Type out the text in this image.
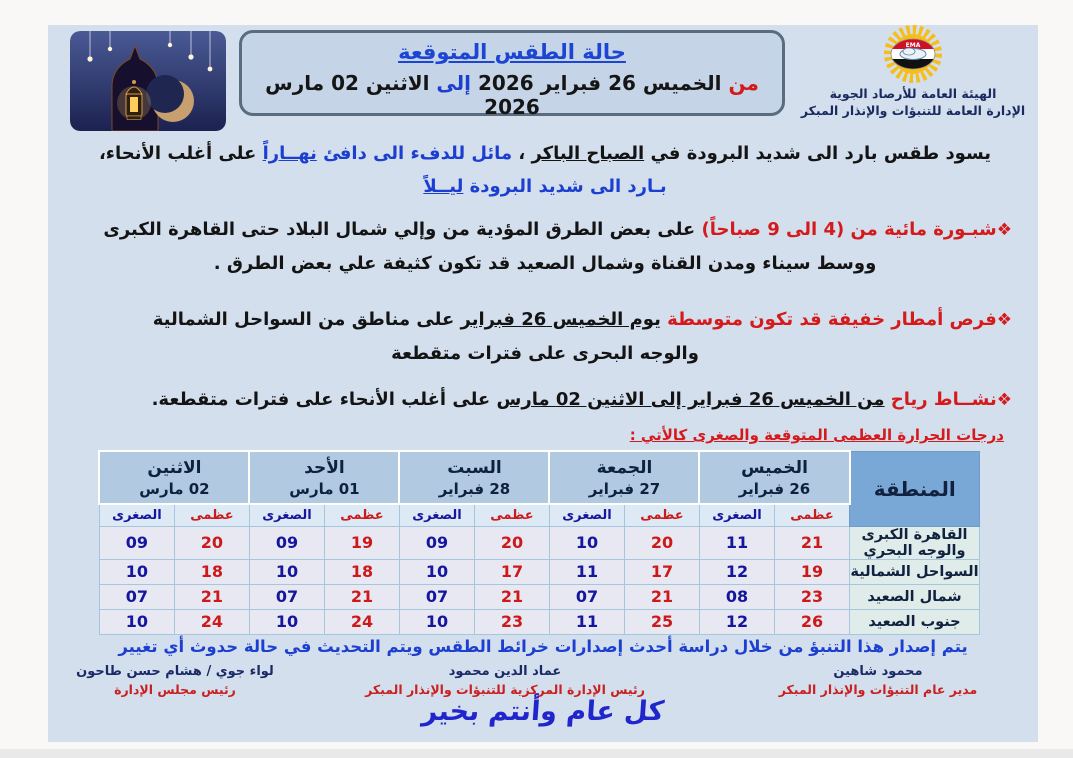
حالة الطقس المتوقعة
من الخميس 26 فبراير 2026 إلى الاثنين 02 مارس 2026
EMA
الهيئة العامة للأرصاد الجوية
الإدارة العامة للتنبؤات والإنذار المبكر
يسود طقس بارد الى شديد البرودة في الصباح الباكر ، مائل للدفء الى دافئ نهــاراً على أغلب الأنحاء،
بـارد الى شديد البرودة ليــلاً
❖شبـورة مائية من (4 الى 9 صباحاً) على بعض الطرق المؤدية من وإلي شمال البلاد حتى القاهرة الكبرى
ووسط سيناء ومدن القناة وشمال الصعيد قد تكون كثيفة علي بعض الطرق .
❖فرص أمطار خفيفة قد تكون متوسطة يوم الخميس 26 فبراير على مناطق من السواحل الشمالية
والوجه البحرى على فترات متقطعة
❖نشــاط رياح من الخميس 26 فبراير إلى الاثنين 02 مارس على أغلب الأنحاء على فترات متقطعة.
درجات الحرارة العظمى المتوقعة والصغرى كالأتي :
المنطقة	
الخميس
26 فبراير

الجمعة
27 فبراير

السبت
28 فبراير

الأحد
01 مارس

الاثنين
02 مارس

	عظمى	الصغرى	عظمى	الصغرى	عظمى	الصغرى	عظمى	الصغرى	عظمى	الصغرى
القاهرة الكبرى والوجه البحري	21	11	20	10	20	09	19	09	20	09
السواحل الشمالية	19	12	17	11	17	10	18	10	18	10
شمال الصعيد	23	08	21	07	21	07	21	07	21	07
جنوب الصعيد	26	12	25	11	23	10	24	10	24	10
يتم إصدار هذا التنبؤ من خلال دراسة أحدث إصدارات خرائط الطقس ويتم التحديث في حالة حدوث أي تغيير
محمود شاهين
مدير عام التنبؤات والإنذار المبكر
عماد الدين محمود
رئيس الإدارة المركزية للتنبؤات والإنذار المبكر
لواء جوي / هشام حسن طاحون
رئيس مجلس الإدارة
كل عام وأنتم بخير
